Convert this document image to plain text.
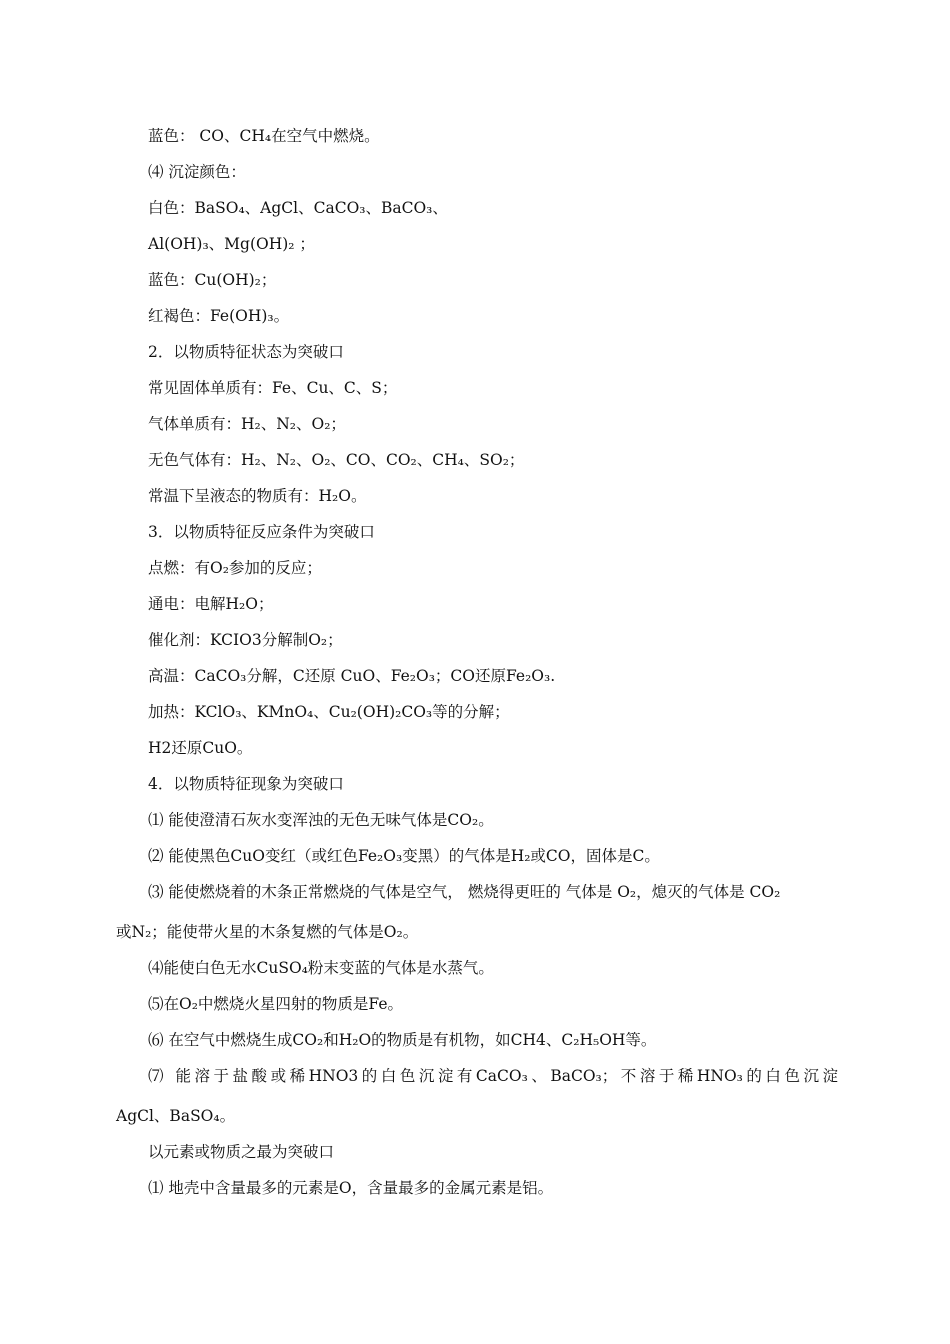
蓝色： CO、CH₄在空气中燃烧。
⑷ 沉淀颜色：
白色：BaSO₄、AgCl、CaCO₃、BaCO₃、
Al(OH)₃、Mg(OH)₂ ；
蓝色：Cu(OH)₂；
红褐色：Fe(OH)₃。
2．以物质特征状态为突破口
常见固体单质有：Fe、Cu、C、S；
气体单质有：H₂、N₂、O₂；
无色气体有：H₂、N₂、O₂、CO、CO₂、CH₄、SO₂；
常温下呈液态的物质有：H₂O。
3．以物质特征反应条件为突破口
点燃：有O₂参加的反应；
通电：电解H₂O；
催化剂：KCIO3分解制O₂；
高温：CaCO₃分解，C还原 CuO、Fe₂O₃；CO还原Fe₂O₃.
加热：KClO₃、KMnO₄、Cu₂(OH)₂CO₃等的分解；
H2还原CuO。
4．以物质特征现象为突破口
⑴ 能使澄清石灰水变浑浊的无色无味气体是CO₂。
⑵ 能使黑色CuO变红（或红色Fe₂O₃变黑）的气体是H₂或CO，固体是C。
⑶ 能使燃烧着的木条正常燃烧的气体是空气， 燃烧得更旺的 气体是 O₂，熄灭的气体是 CO₂
或N₂；能使带火星的木条复燃的气体是O₂。
⑷能使白色无水CuSO₄粉末变蓝的气体是水蒸气。
⑸在O₂中燃烧火星四射的物质是Fe。
⑹ 在空气中燃烧生成CO₂和H₂O的物质是有机物，如CH4、C₂H₅OH等。
⑺ 能溶于盐酸或稀HNO3的白色沉淀有CaCO₃、BaCO₃；不溶于稀HNO₃的白色沉淀
AgCl、BaSO₄。
以元素或物质之最为突破口
⑴ 地壳中含量最多的元素是O，含量最多的金属元素是铝。
